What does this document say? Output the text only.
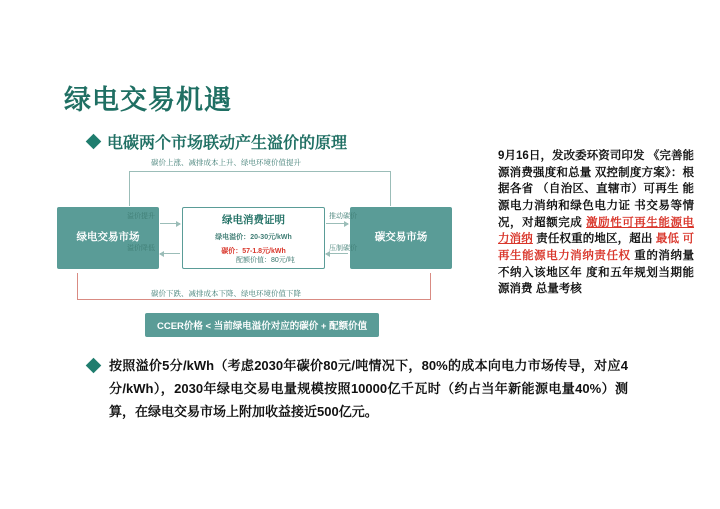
绿电交易机遇
电碳两个市场联动产生溢价的原理
碳价上涨、减排成本上升、绿电环境价值提升
绿电交易市场
绿电消费证明
绿电溢价：20-30元/kWh
碳价：57-1.8元/kWh
碳交易市场
溢价提升
溢价降低
推动碳价
压制碳价
配额价值：80元/吨
碳价下跌、减排成本下降、绿电环境价值下降
CCER价格 < 当前绿电溢价对应的碳价 + 配额价值
9月16日，发改委环资司印发 《完善能源消费强度和总量 双控制度方案》：根据各省 （自治区、直辖市）可再生 能源电力消纳和绿色电力证 书交易等情况，对超额完成 激励性可再生能源电力消纳 责任权重的地区，超出 最低 可再生能源电力消纳责任权 重的消纳量不纳入该地区年 度和五年规划当期能源消费 总量考核
按照溢价5分/kWh（考虑2030年碳价80元/吨情况下，80%的成本向电力市场传导，对应4分/kWh），2030年绿电交易电量规模按照10000亿千瓦时（约占当年新能源电量40%）测算，在绿电交易市场上附加收益接近500亿元。
